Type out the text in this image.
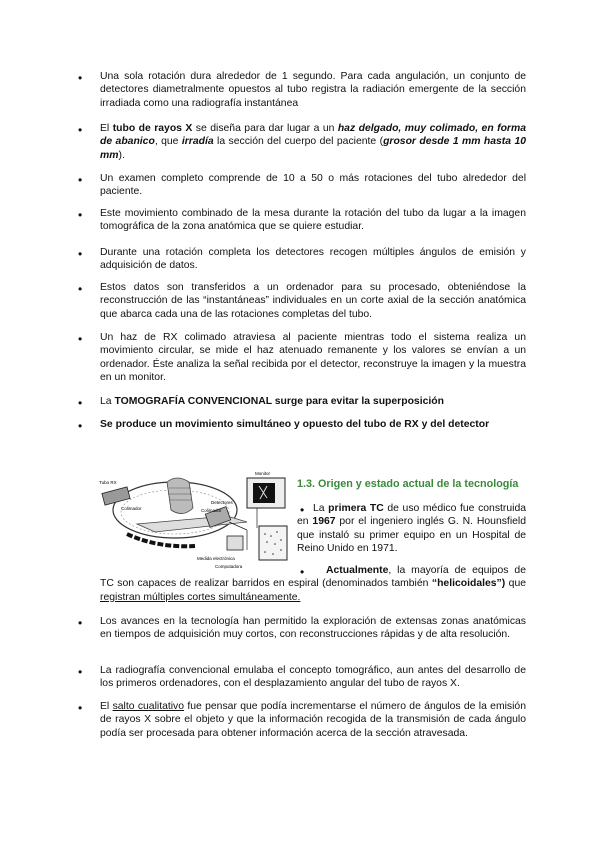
• Una sola rotación dura alrededor de 1 segundo. Para cada angulación, un conjunto de detectores diametralmente opuestos al tubo registra la radiación emergente de la sección irradiada como una radiografía instantánea
• El tubo de rayos X se diseña para dar lugar a un haz delgado, muy colimado, en forma de abanico, que irradía la sección del cuerpo del paciente (grosor desde 1 mm hasta 10 mm).
• Un examen completo comprende de 10 a 50 o más rotaciones del tubo alrededor del paciente.
• Este movimiento combinado de la mesa durante la rotación del tubo da lugar a la imagen tomográfica de la zona anatómica que se quiere estudiar.
• Durante una rotación completa los detectores recogen múltiples ángulos de emisión y adquisición de datos.
• Estos datos son transferidos a un ordenador para su procesado, obteniéndose la reconstrucción de las “instantáneas” individuales en un corte axial de la sección anatómica que abarca cada una de las rotaciones completas del tubo.
• Un haz de RX colimado atraviesa al paciente mientras todo el sistema realiza un movimiento circular, se mide el haz atenuado remanente y los valores se envían a un ordenador. Éste analiza la señal recibida por el detector, reconstruye la imagen y la muestra en un monitor.
• La TOMOGRAFÍA CONVENCIONAL surge para evitar la superposición
• Se produce un movimiento simultáneo y opuesto del tubo de RX y del detector
Tubo RX
Colimador	Colimador
Detectores
Monitor
Medida electrónica
Computadora
1.3. Origen y estado actual de la tecnología
• La primera TC de uso médico fue construida en 1967 por el ingeniero inglés G. N. Hounsfield que instaló su primer equipo en un Hospital de Reino Unido en 1971.
•	Actualmente, la mayoría de equipos de TC son capaces de realizar barridos en espiral (denominados también “helicoidales”) que registran múltiples cortes simultáneamente.
• Los avances en la tecnología han permitido la exploración de extensas zonas anatómicas en tiempos de adquisición muy cortos, con reconstrucciones rápidas y de alta resolución.
• La radiografía convencional emulaba el concepto tomográfico, aun antes del desarrollo de los primeros ordenadores, con el desplazamiento angular del tubo de rayos X.
• El salto cualitativo fue pensar que podía incrementarse el número de ángulos de la emisión de rayos X sobre el objeto y que la información recogida de la transmisión de cada ángulo podía ser procesada para obtener información acerca de la sección atravesada.
